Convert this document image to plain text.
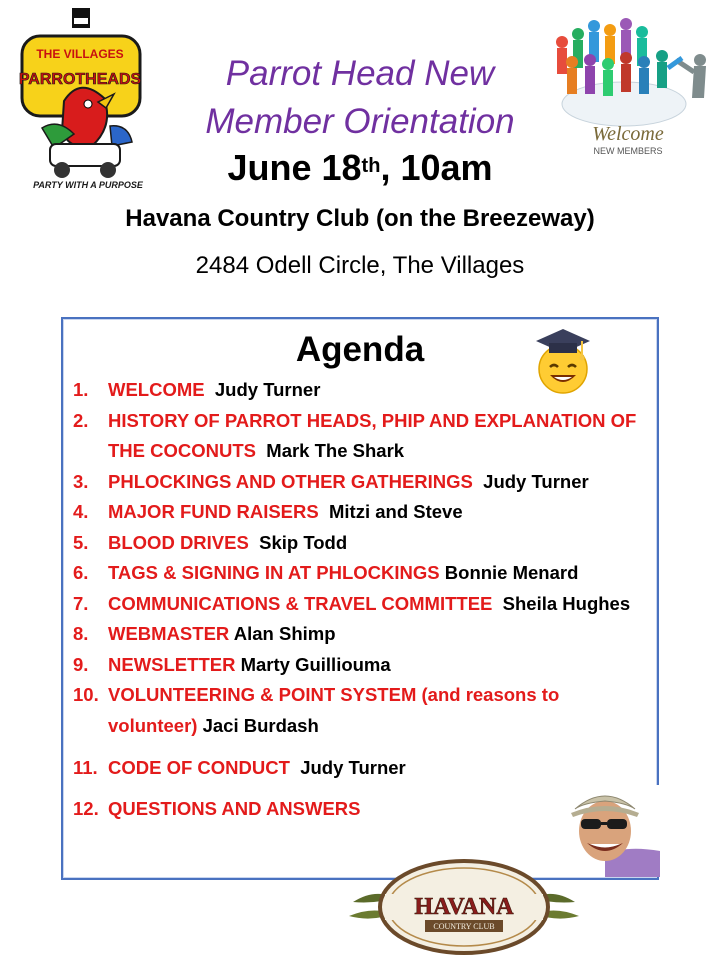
THE VILLAGES
PARROTHEADS
PARTY WITH A PURPOSE
Welcome
NEW MEMBERS
Parrot Head New
Member Orientation
June 18th, 10am
Havana Country Club (on the Breezeway)
2484 Odell Circle, The Villages
Agenda
1. WELCOME Judy Turner
2. HISTORY OF PARROT HEADS, PHIP AND EXPLANATION OF THE COCONUTS Mark The Shark
3. PHLOCKINGS AND OTHER GATHERINGS Judy Turner
4. MAJOR FUND RAISERS Mitzi and Steve
5. BLOOD DRIVES Skip Todd
6. TAGS & SIGNING IN AT PHLOCKINGS Bonnie Menard
7. COMMUNICATIONS & TRAVEL COMMITTEE Sheila Hughes
8. WEBMASTER Alan Shimp
9. NEWSLETTER Marty Guilliouma
10. VOLUNTEERING & POINT SYSTEM (and reasons to volunteer) Jaci Burdash
11. CODE OF CONDUCT Judy Turner
12. QUESTIONS AND ANSWERS
HAVANA
COUNTRY CLUB
